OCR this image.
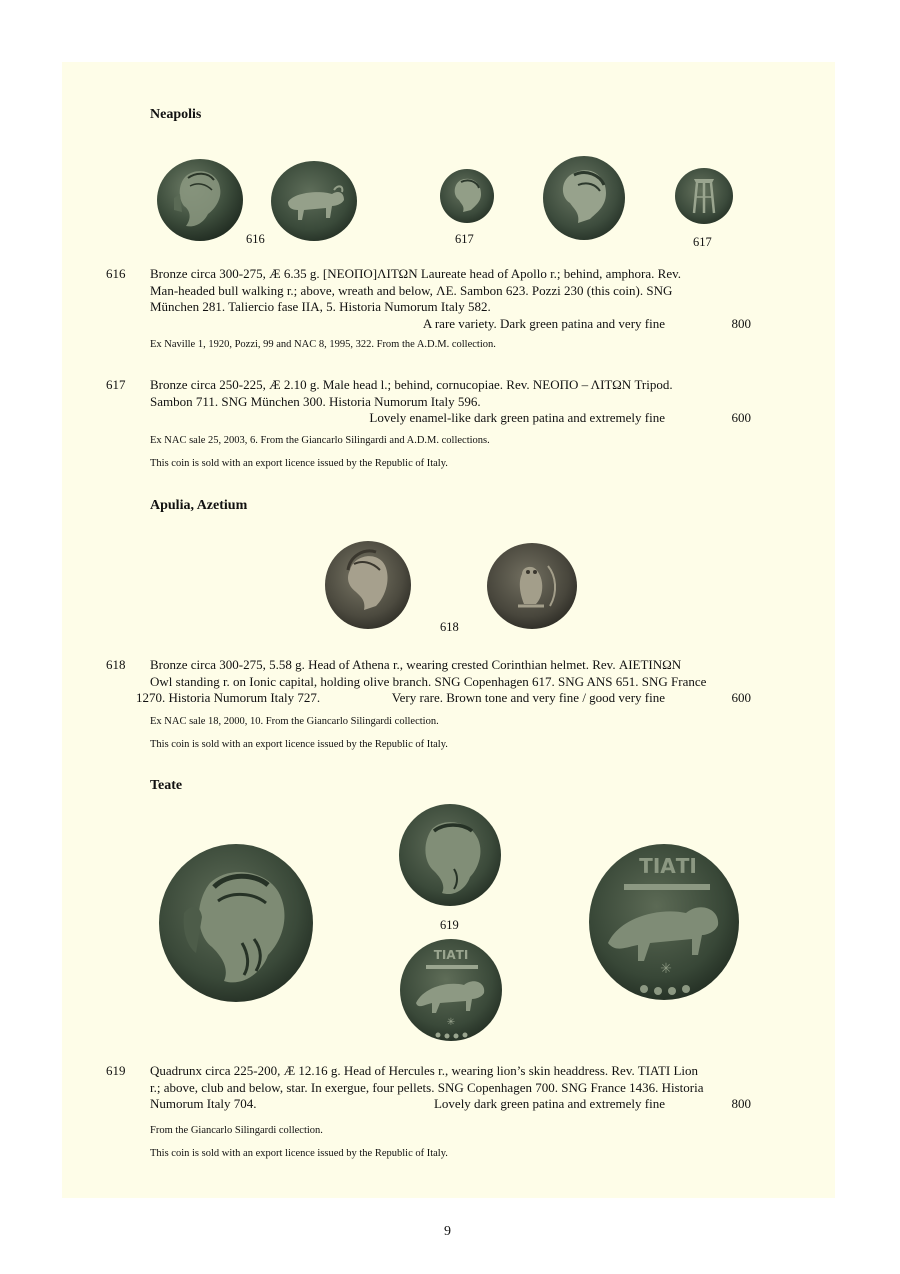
Neapolis
616	617	617
616 Bronze circa 300-275, Æ 6.35 g. [ΝΕΟΠΟ]ΛΙΤΩΝ Laureate head of Apollo r.; behind, amphora. Rev.
Man-headed bull walking r.; above, wreath and below, ΛΕ. Sambon 623. Pozzi 230 (this coin). SNG
München 281. Taliercio fase IIA, 5. Historia Numorum Italy 582.
A rare variety. Dark green patina and very fine	800
Ex Naville 1, 1920, Pozzi, 99 and NAC 8, 1995, 322. From the A.D.M. collection.
617 Bronze circa 250-225, Æ 2.10 g. Male head l.; behind, cornucopiae. Rev. ΝΕΟΠΟ – ΛΙΤΩΝ Tripod.
Sambon 711. SNG München 300. Historia Numorum Italy 596.
Lovely enamel-like dark green patina and extremely fine	600
Ex NAC sale 25, 2003, 6. From the Giancarlo Silingardi and A.D.M. collections.
This coin is sold with an export licence issued by the Republic of Italy.
Apulia, Azetium
618
618 Bronze circa 300-275, 5.58 g. Head of Athena r., wearing crested Corinthian helmet. Rev. ΑΙΕΤΙΝΩΝ
Owl standing r. on Ionic capital, holding olive branch. SNG Copenhagen 617. SNG ANS 651. SNG France
1270. Historia Numorum Italy 727.	Very rare. Brown tone and very fine / good very fine	600
Ex NAC sale 18, 2000, 10. From the Giancarlo Silingardi collection.
This coin is sold with an export licence issued by the Republic of Italy.
Teate
ΤΙΑΤΙ
✳
ΤΙΑΤΙ
✳
619
619 Quadrunx circa 225-200, Æ 12.16 g. Head of Hercules r., wearing lion’s skin headdress. Rev. TIATI Lion
r.; above, club and below, star. In exergue, four pellets. SNG Copenhagen 700. SNG France 1436. Historia
Numorum Italy 704.	Lovely dark green patina and extremely fine	800
From the Giancarlo Silingardi collection.
This coin is sold with an export licence issued by the Republic of Italy.
9
